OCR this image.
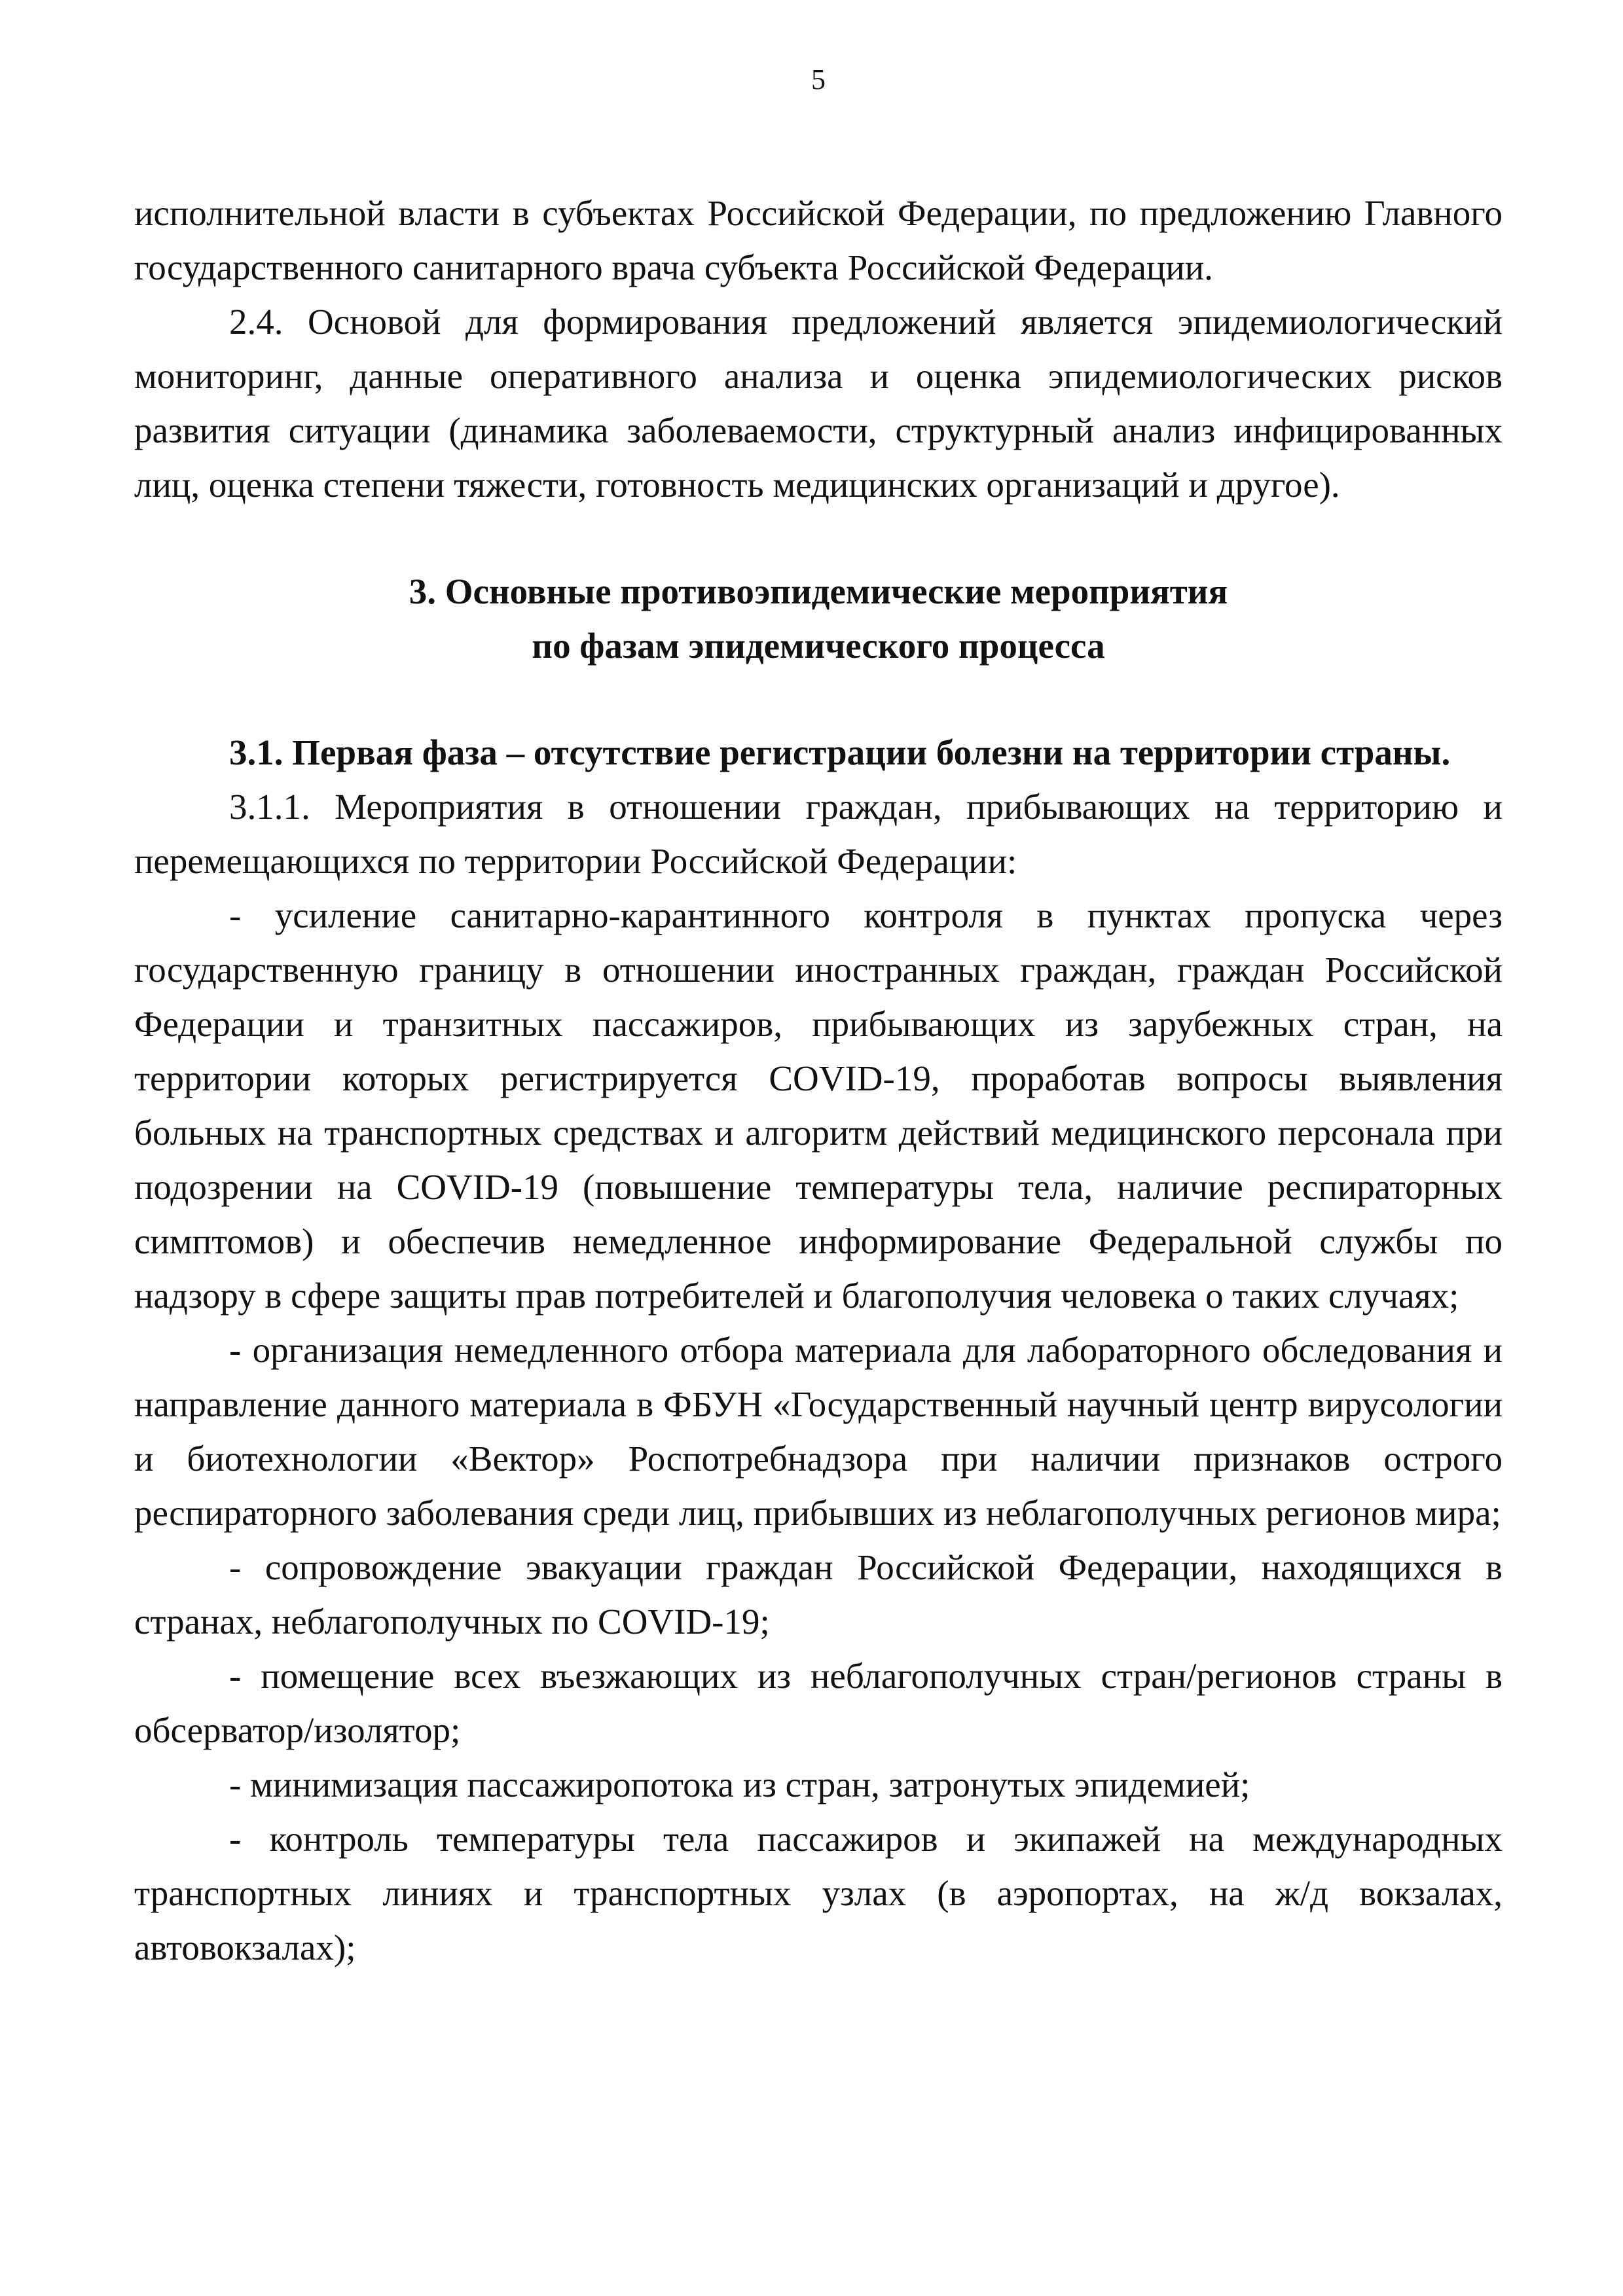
5

исполнительной власти в субъектах Российской Федерации, по предложению Главного государственного санитарного врача субъекта Российской Федерации.

2.4. Основой для формирования предложений является эпидемиологический мониторинг, данные оперативного анализа и оценка эпидемиологических рисков развития ситуации (динамика заболеваемости, структурный анализ инфицированных лиц, оценка степени тяжести, готовность медицинских организаций и другое).

3. Основные противоэпидемические мероприятия

по фазам эпидемического процесса

3.1. Первая фаза – отсутствие регистрации болезни на территории страны.

3.1.1. Мероприятия в отношении граждан, прибывающих на территорию и перемещающихся по территории Российской Федерации:

- усиление санитарно-карантинного контроля в пунктах пропуска через государственную границу в отношении иностранных граждан, граждан Российской Федерации и транзитных пассажиров, прибывающих из зарубежных стран, на территории которых регистрируется COVID-19, проработав вопросы выявления больных на транспортных средствах и алгоритм действий медицинского персонала при подозрении на COVID-19 (повышение температуры тела, наличие респираторных симптомов) и обеспечив немедленное информирование Федеральной службы по надзору в сфере защиты прав потребителей и благополучия человека о таких случаях;

- организация немедленного отбора материала для лабораторного обследования и направление данного материала в ФБУН «Государственный научный центр вирусологии и биотехнологии «Вектор» Роспотребнадзора при наличии признаков острого респираторного заболевания среди лиц, прибывших из неблагополучных регионов мира;

- сопровождение эвакуации граждан Российской Федерации, находящихся в странах, неблагополучных по COVID-19;

- помещение всех въезжающих из неблагополучных стран/регионов страны в обсерватор/изолятор;

- минимизация пассажиропотока из стран, затронутых эпидемией;

- контроль температуры тела пассажиров и экипажей на международных транспортных линиях и транспортных узлах (в аэропортах, на ж/д вокзалах, автовокзалах);
